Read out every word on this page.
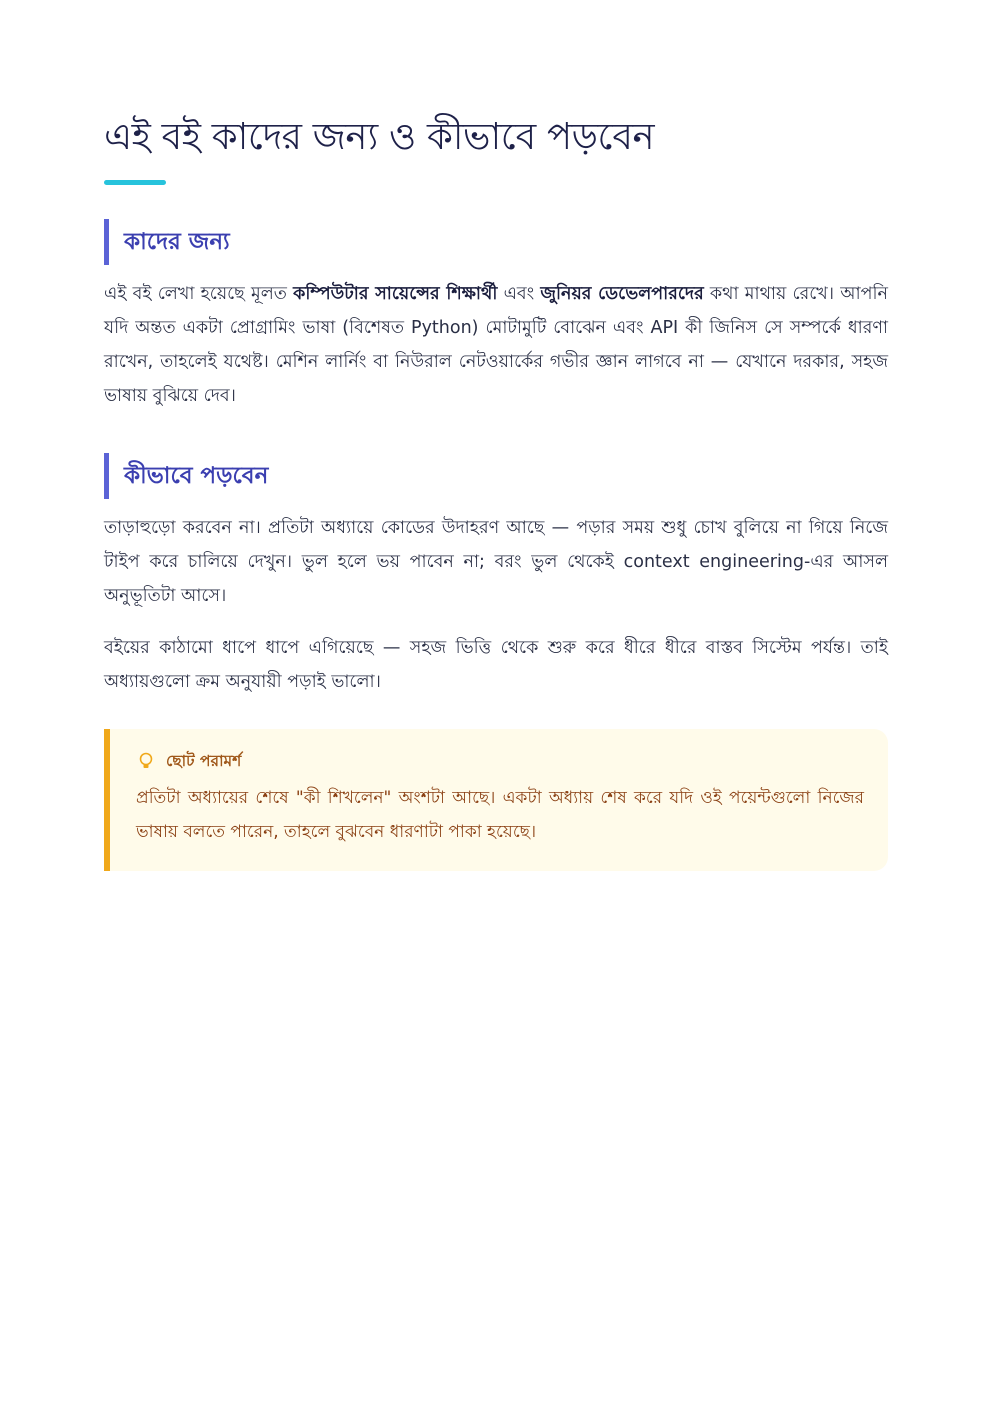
এই বই কাদের জন্য ও কীভাবে পড়বেন
কাদের জন্য

এই বই লেখা হয়েছে মূলত কম্পিউটার সায়েন্সের শিক্ষার্থী এবং জুনিয়র ডেভেলপারদের কথা মাথায় রেখে। আপনি যদি অন্তত একটা প্রোগ্রামিং ভাষা (বিশেষত Python) মোটামুটি বোঝেন এবং API কী জিনিস সে সম্পর্কে ধারণা রাখেন, তাহলেই যথেষ্ট। মেশিন লার্নিং বা নিউরাল নেটওয়ার্কের গভীর জ্ঞান লাগবে না — যেখানে দরকার, সহজ ভাষায় বুঝিয়ে দেব।

কীভাবে পড়বেন

তাড়াহুড়ো করবেন না। প্রতিটা অধ্যায়ে কোডের উদাহরণ আছে — পড়ার সময় শুধু চোখ বুলিয়ে না গিয়ে নিজে টাইপ করে চালিয়ে দেখুন। ভুল হলে ভয় পাবেন না; বরং ভুল থেকেই context engineering-এর আসল অনুভূতিটা আসে।

বইয়ের কাঠামো ধাপে ধাপে এগিয়েছে — সহজ ভিত্তি থেকে শুরু করে ধীরে ধীরে বাস্তব সিস্টেম পর্যন্ত। তাই অধ্যায়গুলো ক্রম অনুযায়ী পড়াই ভালো।

ছোট পরামর্শ

প্রতিটা অধ্যায়ের শেষে "কী শিখলেন" অংশটা আছে। একটা অধ্যায় শেষ করে যদি ওই পয়েন্টগুলো নিজের ভাষায় বলতে পারেন, তাহলে বুঝবেন ধারণাটা পাকা হয়েছে।
